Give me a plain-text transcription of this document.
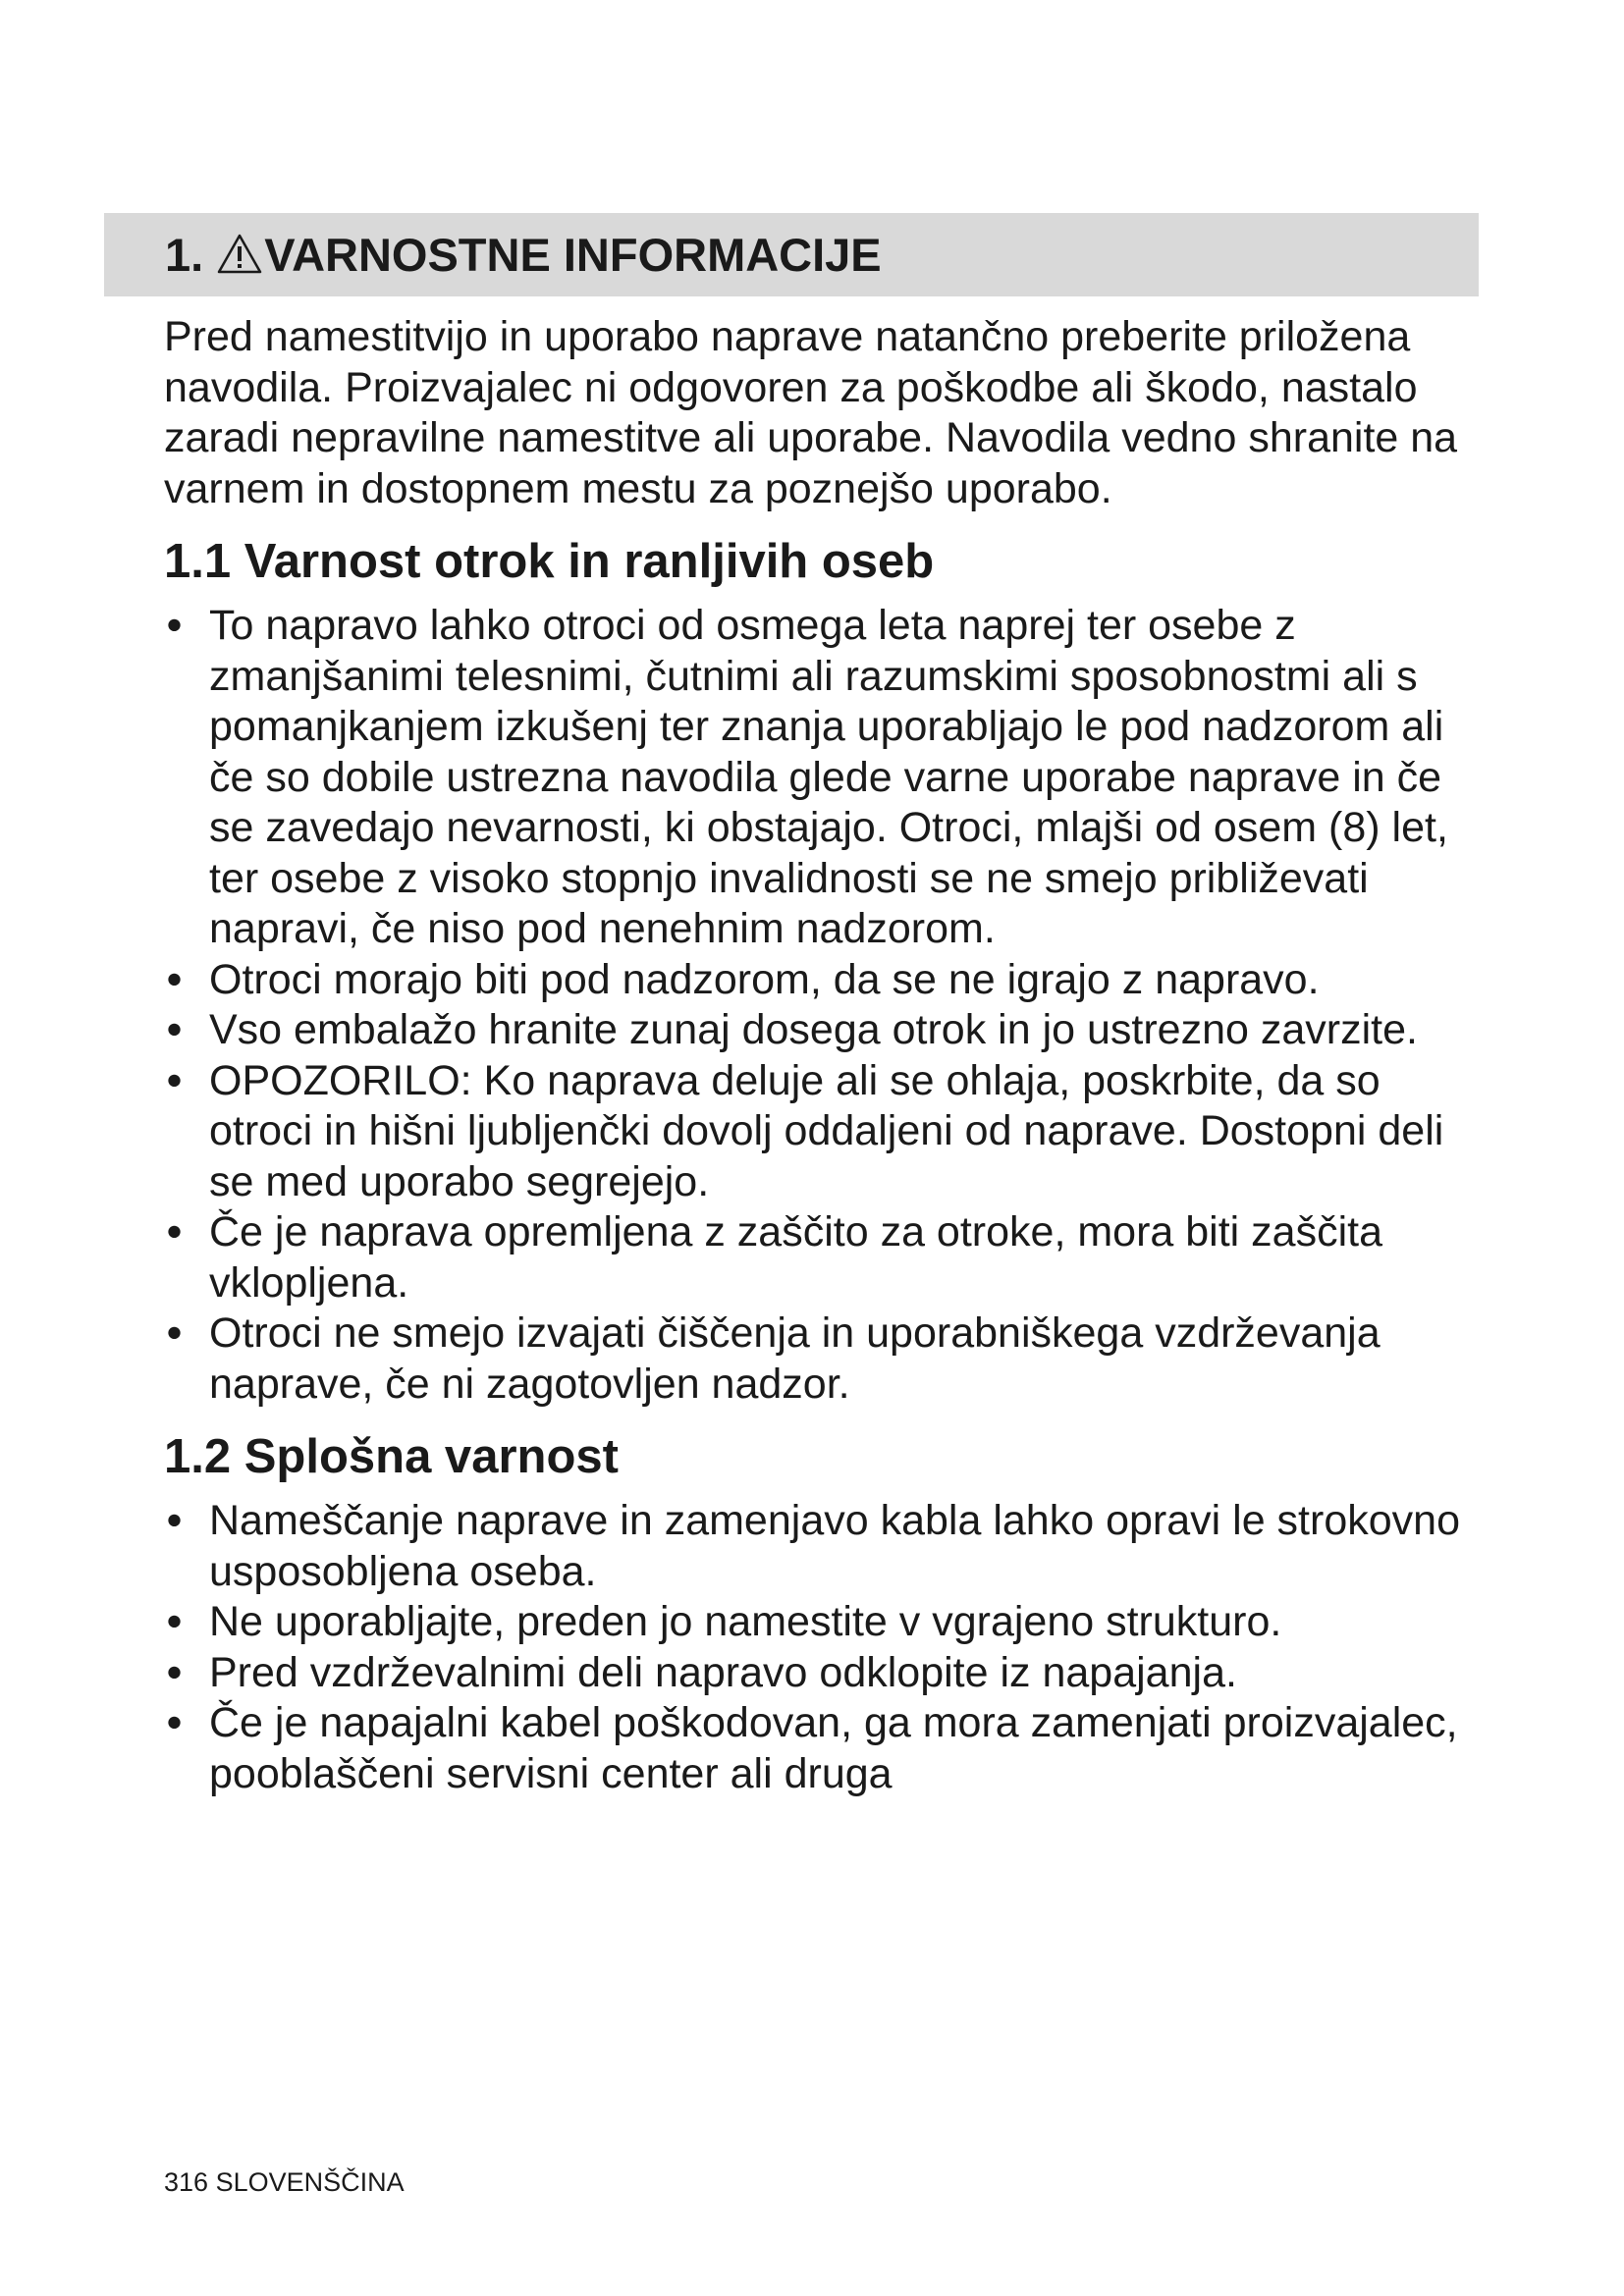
1. VARNOSTNE INFORMACIJE

Pred namestitvijo in uporabo naprave natančno preberite priložena navodila. Proizvajalec ni odgovoren za poškodbe ali škodo, nastalo zaradi nepravilne namestitve ali uporabe. Navodila vedno shranite na varnem in dostopnem mestu za poznejšo uporabo.

1.1 Varnost otrok in ranljivih oseb
• To napravo lahko otroci od osmega leta naprej ter osebe z zmanjšanimi telesnimi, čutnimi ali razumskimi sposobnostmi ali s pomanjkanjem izkušenj ter znanja uporabljajo le pod nadzorom ali če so dobile ustrezna navodila glede varne uporabe naprave in če se zavedajo nevarnosti, ki obstajajo. Otroci, mlajši od osem (8) let, ter osebe z visoko stopnjo invalidnosti se ne smejo približevati napravi, če niso pod nenehnim nadzorom.
• Otroci morajo biti pod nadzorom, da se ne igrajo z napravo.
• Vso embalažo hranite zunaj dosega otrok in jo ustrezno zavrzite.
• OPOZORILO: Ko naprava deluje ali se ohlaja, poskrbite, da so otroci in hišni ljubljenčki dovolj oddaljeni od naprave. Dostopni deli se med uporabo segrejejo.
• Če je naprava opremljena z zaščito za otroke, mora biti zaščita vklopljena.
• Otroci ne smejo izvajati čiščenja in uporabniškega vzdrževanja naprave, če ni zagotovljen nadzor.
1.2 Splošna varnost
• Nameščanje naprave in zamenjavo kabla lahko opravi le strokovno usposobljena oseba.
• Ne uporabljajte, preden jo namestite v vgrajeno strukturo.
• Pred vzdrževalnimi deli napravo odklopite iz napajanja.
• Če je napajalni kabel poškodovan, ga mora zamenjati proizvajalec, pooblaščeni servisni center ali druga
316 SLOVENŠČINA
